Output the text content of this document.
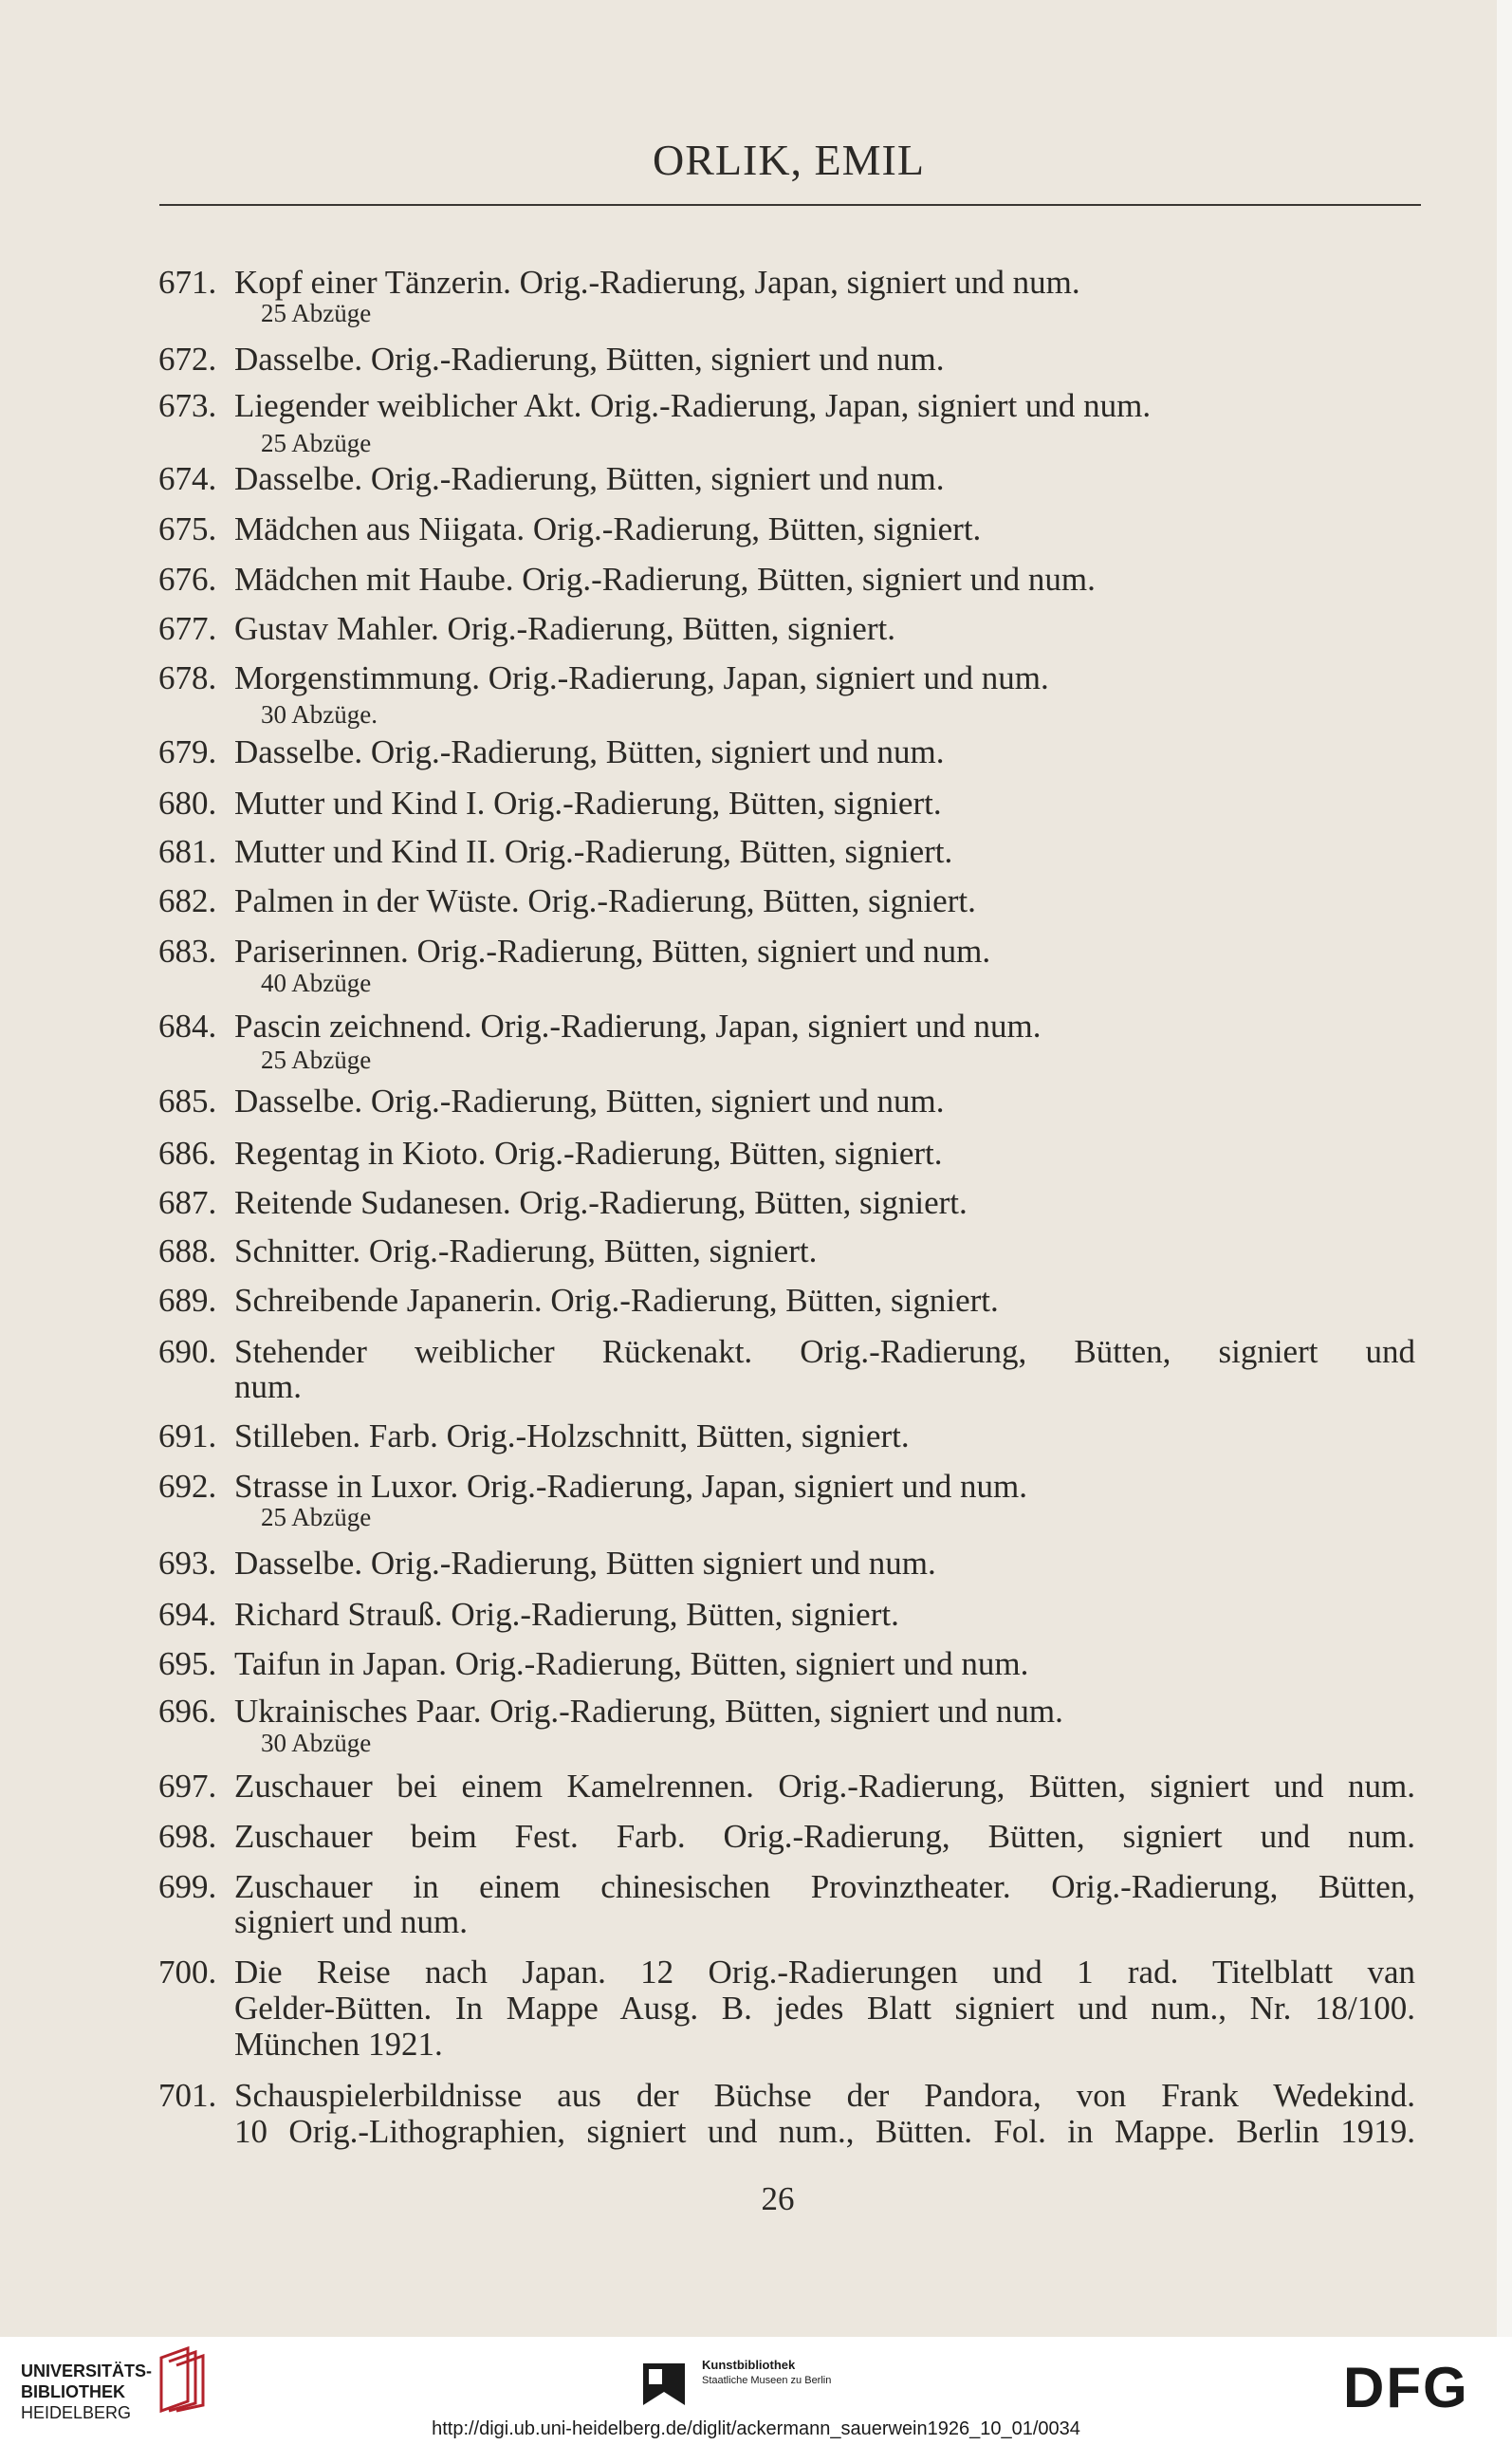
ORLIK, EMIL
671. Kopf einer Tänzerin. Orig.-Radierung, Japan, signiert und num.
25 Abzüge
672. Dasselbe. Orig.-Radierung, Bütten, signiert und num.
673. Liegender weiblicher Akt. Orig.-Radierung, Japan, signiert und num.
25 Abzüge
674. Dasselbe. Orig.-Radierung, Bütten, signiert und num.
675. Mädchen aus Niigata. Orig.-Radierung, Bütten, signiert.
676. Mädchen mit Haube. Orig.-Radierung, Bütten, signiert und num.
677. Gustav Mahler. Orig.-Radierung, Bütten, signiert.
678. Morgenstimmung. Orig.-Radierung, Japan, signiert und num.
30 Abzüge.
679. Dasselbe. Orig.-Radierung, Bütten, signiert und num.
680. Mutter und Kind I. Orig.-Radierung, Bütten, signiert.
681. Mutter und Kind II. Orig.-Radierung, Bütten, signiert.
682. Palmen in der Wüste. Orig.-Radierung, Bütten, signiert.
683. Pariserinnen. Orig.-Radierung, Bütten, signiert und num.
40 Abzüge
684. Pascin zeichnend. Orig.-Radierung, Japan, signiert und num.
25 Abzüge
685. Dasselbe. Orig.-Radierung, Bütten, signiert und num.
686. Regentag in Kioto. Orig.-Radierung, Bütten, signiert.
687. Reitende Sudanesen. Orig.-Radierung, Bütten, signiert.
688. Schnitter. Orig.-Radierung, Bütten, signiert.
689. Schreibende Japanerin. Orig.-Radierung, Bütten, signiert.
690. Stehender weiblicher Rückenakt. Orig.-Radierung, Bütten, signiert und
num.
691. Stilleben. Farb. Orig.-Holzschnitt, Bütten, signiert.
692. Strasse in Luxor. Orig.-Radierung, Japan, signiert und num.
25 Abzüge
693. Dasselbe. Orig.-Radierung, Bütten signiert und num.
694. Richard Strauß. Orig.-Radierung, Bütten, signiert.
695. Taifun in Japan. Orig.-Radierung, Bütten, signiert und num.
696. Ukrainisches Paar. Orig.-Radierung, Bütten, signiert und num.
30 Abzüge
697. Zuschauer bei einem Kamelrennen. Orig.-Radierung, Bütten, signiert und num.
698. Zuschauer beim Fest. Farb. Orig.-Radierung, Bütten, signiert und num.
699. Zuschauer in einem chinesischen Provinztheater. Orig.-Radierung, Bütten,
signiert und num.
700. Die Reise nach Japan. 12 Orig.-Radierungen und 1 rad. Titelblatt van
Gelder-Bütten. In Mappe Ausg. B. jedes Blatt signiert und num., Nr. 18/100.
München 1921.
701. Schauspielerbildnisse aus der Büchse der Pandora, von Frank Wedekind.
10 Orig.-Lithographien, signiert und num., Bütten. Fol. in Mappe. Berlin 1919.
26
UNIVERSITÄTS-
BIBLIOTHEK
HEIDELBERG
Kunstbibliothek
Staatliche Museen zu Berlin	DFG
http://digi.ub.uni-heidelberg.de/diglit/ackermann_sauerwein1926_10_01/0034
